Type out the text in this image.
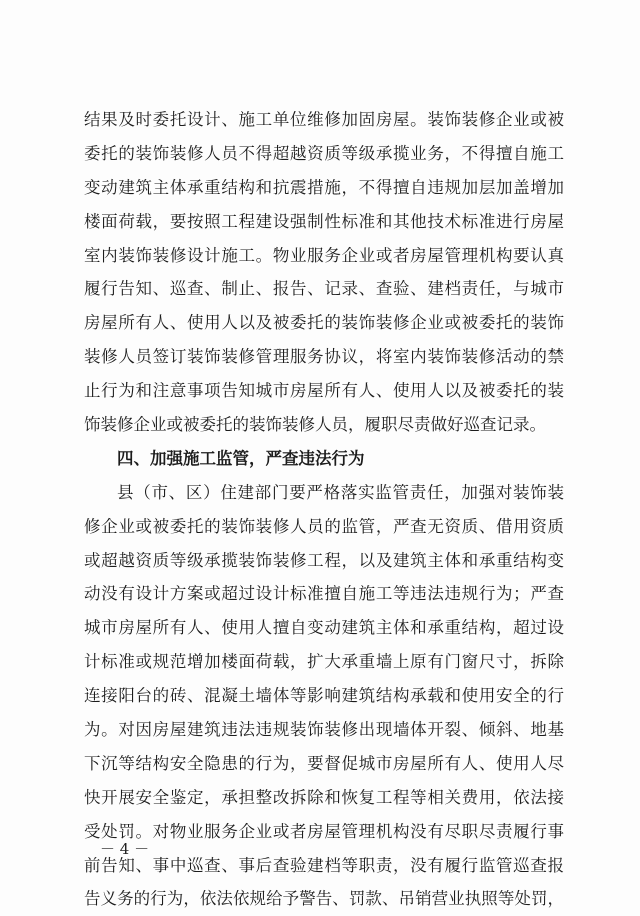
结果及时委托设计、施工单位维修加固房屋。装饰装修企业或被
委托的装饰装修人员不得超越资质等级承揽业务，不得擅自施工
变动建筑主体承重结构和抗震措施，不得擅自违规加层加盖增加
楼面荷载，要按照工程建设强制性标准和其他技术标准进行房屋
室内装饰装修设计施工。物业服务企业或者房屋管理机构要认真
履行告知、巡查、制止、报告、记录、查验、建档责任，与城市
房屋所有人、使用人以及被委托的装饰装修企业或被委托的装饰
装修人员签订装饰装修管理服务协议，将室内装饰装修活动的禁
止行为和注意事项告知城市房屋所有人、使用人以及被委托的装
饰装修企业或被委托的装饰装修人员，履职尽责做好巡查记录。
四、加强施工监管，严查违法行为
县（市、区）住建部门要严格落实监管责任，加强对装饰装
修企业或被委托的装饰装修人员的监管，严查无资质、借用资质
或超越资质等级承揽装饰装修工程，以及建筑主体和承重结构变
动没有设计方案或超过设计标准擅自施工等违法违规行为；严查
城市房屋所有人、使用人擅自变动建筑主体和承重结构，超过设
计标准或规范增加楼面荷载，扩大承重墙上原有门窗尺寸，拆除
连接阳台的砖、混凝土墙体等影响建筑结构承载和使用安全的行
为。对因房屋建筑违法违规装饰装修出现墙体开裂、倾斜、地基
下沉等结构安全隐患的行为，要督促城市房屋所有人、使用人尽
快开展安全鉴定，承担整改拆除和恢复工程等相关费用，依法接
受处罚。对物业服务企业或者房屋管理机构没有尽职尽责履行事
前告知、事中巡查、事后查验建档等职责，没有履行监管巡查报
告义务的行为，依法依规给予警告、罚款、吊销营业执照等处罚，
－ 4 －
